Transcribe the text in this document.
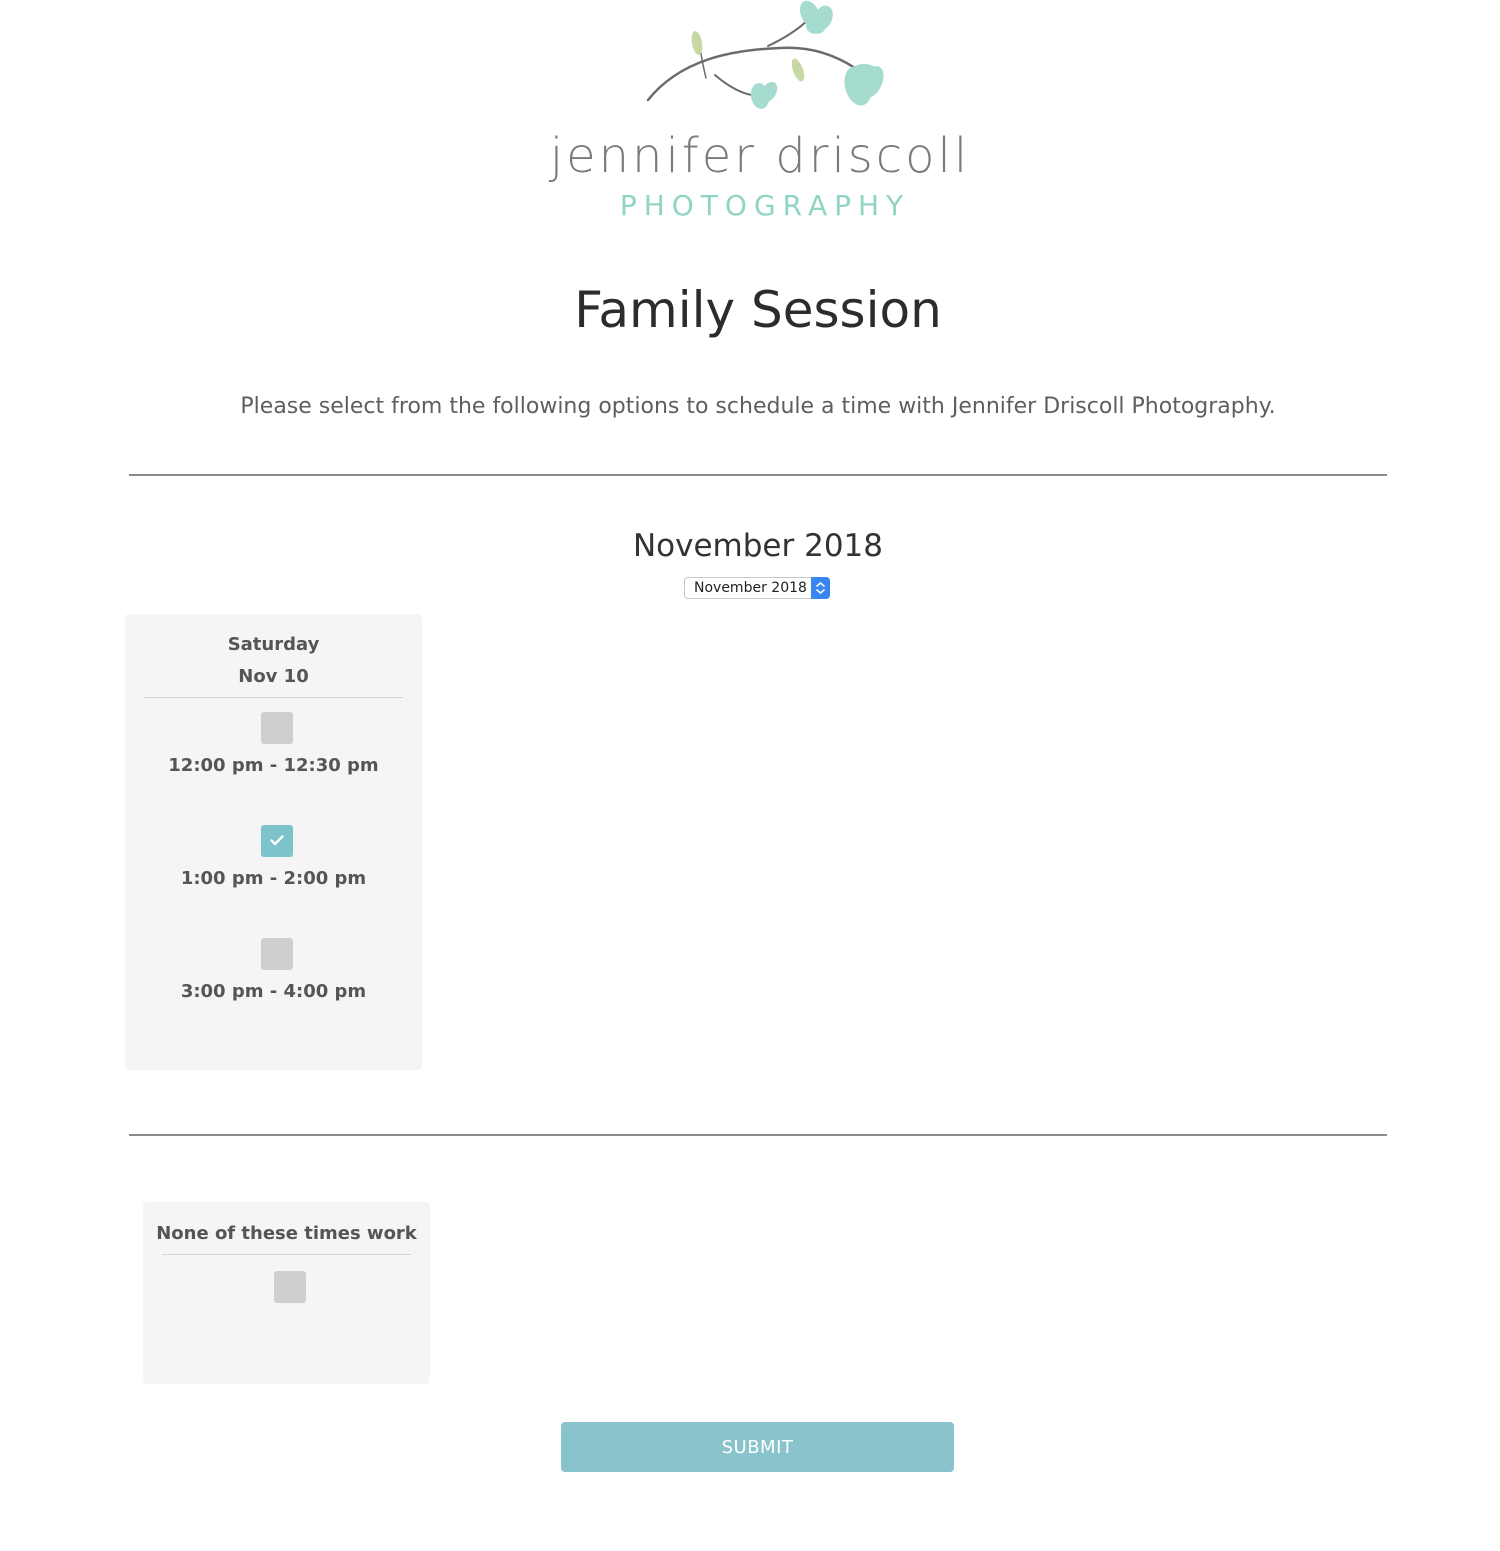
jennifer driscoll
PHOTOGRAPHY
Family Session
Please select from the following options to schedule a time with Jennifer Driscoll Photography.
November 2018
November 2018
Saturday
Nov 10
12:00 pm - 12:30 pm
1:00 pm - 2:00 pm
3:00 pm - 4:00 pm
None of these times work
SUBMIT
